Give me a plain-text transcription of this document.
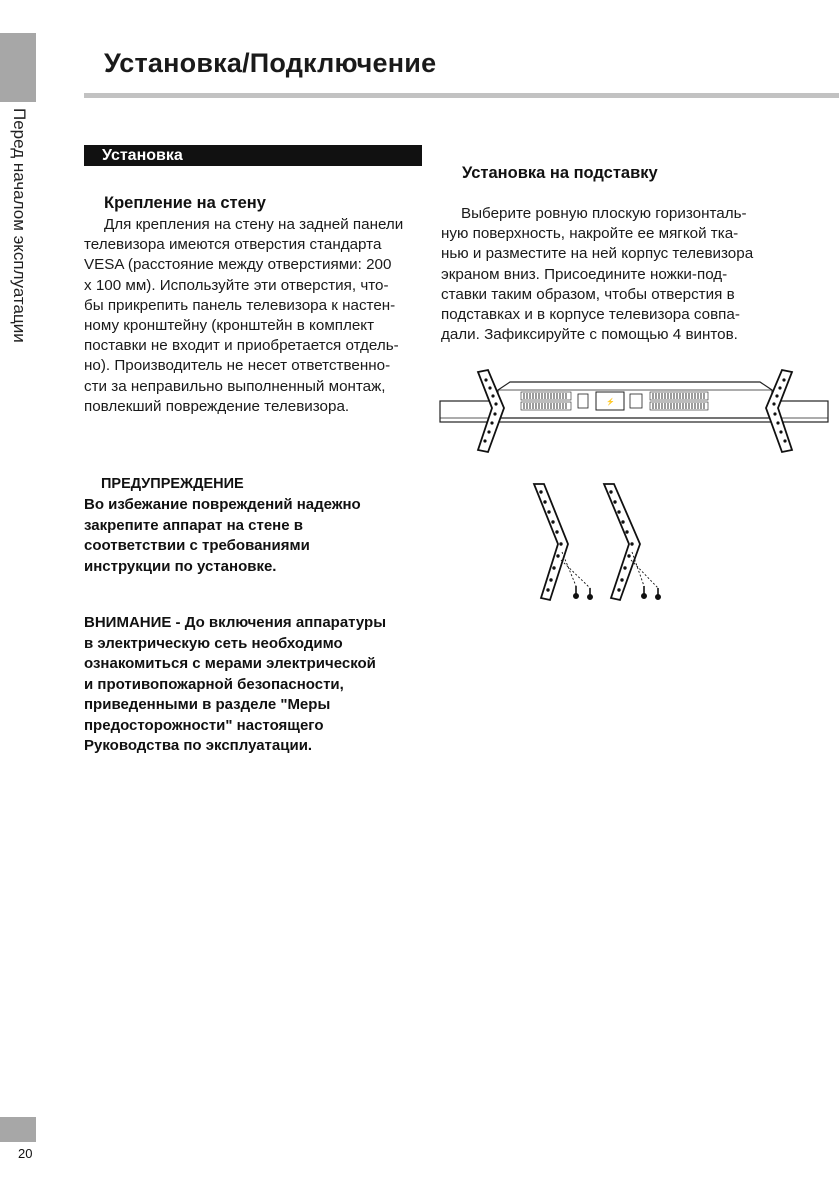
Перед началом эксплуатации
Установка/Подключение
Установка
Крепление на стену
Для крепления на стену на задней панели
телевизора имеются отверстия стандарта
VESA (расстояние между отверстиями: 200
х 100 мм). Используйте эти отверстия, что-
бы прикрепить панель телевизора к настен-
ному кронштейну (кронштейн в комплект
поставки не входит и приобретается отдель-
но). Производитель не несет ответственно-
сти за неправильно выполненный монтаж,
повлекший повреждение телевизора.
ПРЕДУПРЕЖДЕНИЕ
Во избежание повреждений надежно
закрепите аппарат на стене в
соответствии с требованиями
инструкции по установке.
ВНИМАНИЕ - До включения аппаратуры
в электрическую сеть необходимо
ознакомиться с мерами электрической
и противопожарной безопасности,
приведенными в разделе "Меры
предосторожности" настоящего
Руководства по эксплуатации.
Установка на подставку
Выберите ровную плоскую горизонталь-
ную поверхность, накройте ее мягкой тка-
нью и разместите на ней корпус телевизора
экраном вниз. Присоедините ножки-под-
ставки таким образом, чтобы отверстия в
подставках и в корпусе телевизора совпа-
дали. Зафиксируйте с помощью 4 винтов.
⚡
20
